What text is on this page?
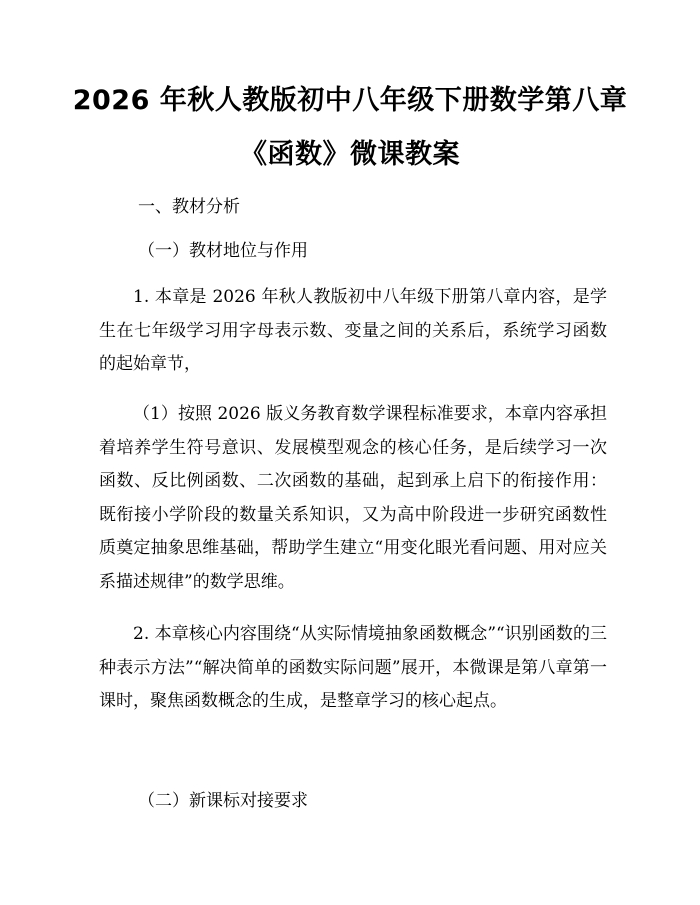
2026 年秋人教版初中八年级下册数学第八章
《函数》微课教案
一、教材分析
（一）教材地位与作用

1. 本章是 2026 年秋人教版初中八年级下册第八章内容，是学生在七年级学习用字母表示数、变量之间的关系后，系统学习函数的起始章节，

（1）按照 2026 版义务教育数学课程标准要求，本章内容承担着培养学生符号意识、发展模型观念的核心任务，是后续学习一次函数、反比例函数、二次函数的基础，起到承上启下的衔接作用：既衔接小学阶段的数量关系知识，又为高中阶段进一步研究函数性质奠定抽象思维基础，帮助学生建立“用变化眼光看问题、用对应关系描述规律”的数学思维。

2. 本章核心内容围绕“从实际情境抽象函数概念”“识别函数的三种表示方法”“解决简单的函数实际问题”展开，本微课是第八章第一课时，聚焦函数概念的生成，是整章学习的核心起点。

（二）新课标对接要求
